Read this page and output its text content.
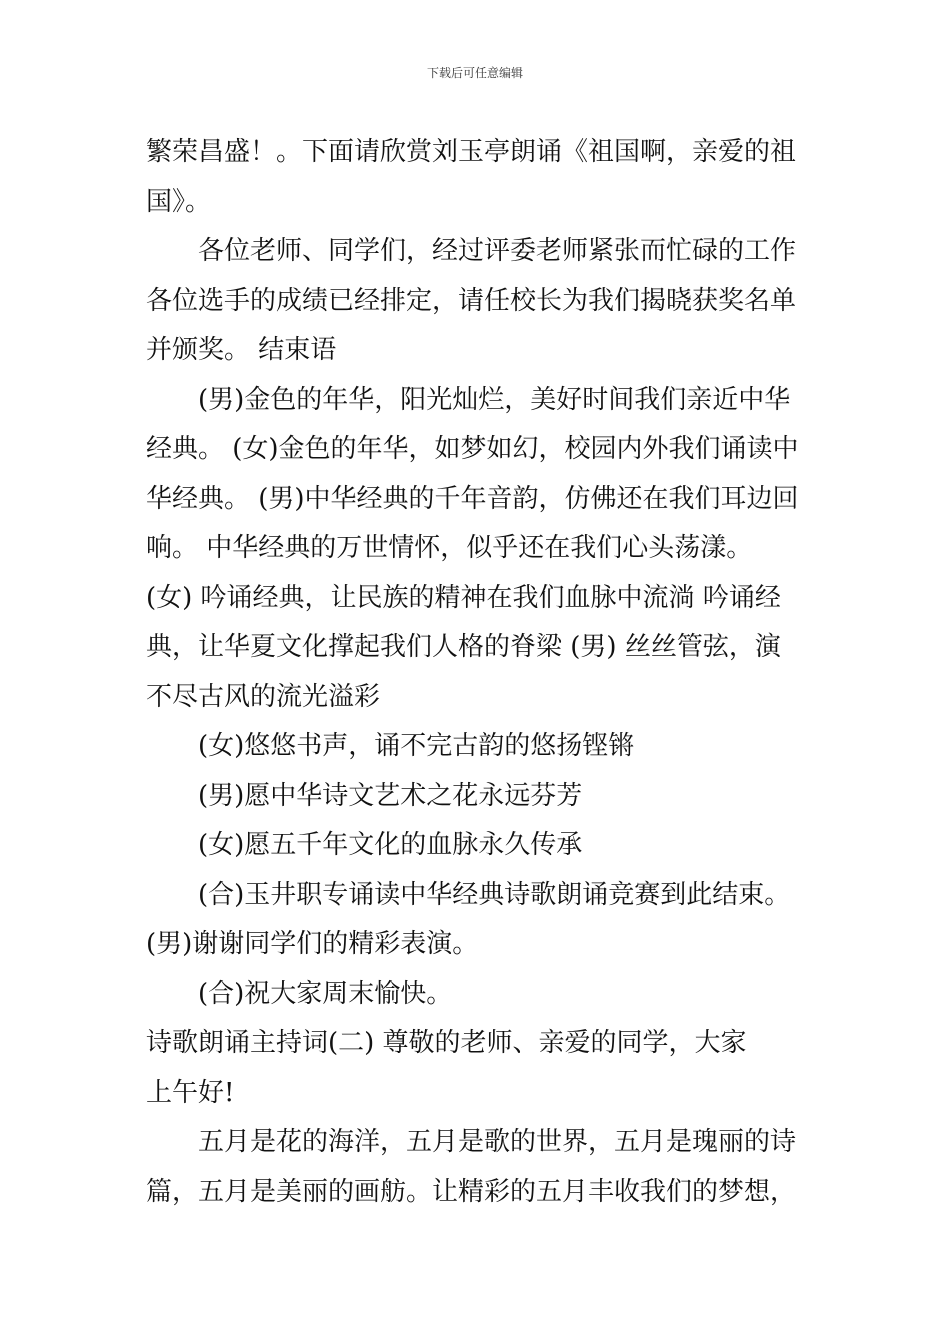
下载后可任意编辑

繁荣昌盛！。下面请欣赏刘玉亭朗诵《祖国啊，亲爱的祖

国》。

各位老师、同学们，经过评委老师紧张而忙碌的工作

各位选手的成绩已经排定，请任校长为我们揭晓获奖名单

并颁奖。 结束语

(男)金色的年华，阳光灿烂，美好时间我们亲近中华

经典。 (女)金色的年华，如梦如幻，校园内外我们诵读中

华经典。 (男)中华经典的千年音韵，仿佛还在我们耳边回

响。 中华经典的万世情怀，似乎还在我们心头荡漾。

(女) 吟诵经典，让民族的精神在我们血脉中流淌 吟诵经

典，让华夏文化撑起我们人格的脊梁 (男) 丝丝管弦，演

不尽古风的流光溢彩

(女)悠悠书声，诵不完古韵的悠扬铿锵

(男)愿中华诗文艺术之花永远芬芳

(女)愿五千年文化的血脉永久传承

(合)玉井职专诵读中华经典诗歌朗诵竞赛到此结束。

(男)谢谢同学们的精彩表演。

(合)祝大家周末愉快。

诗歌朗诵主持词(二) 尊敬的老师、亲爱的同学，大家

上午好!

五月是花的海洋，五月是歌的世界，五月是瑰丽的诗

篇，五月是美丽的画舫。让精彩的五月丰收我们的梦想，
